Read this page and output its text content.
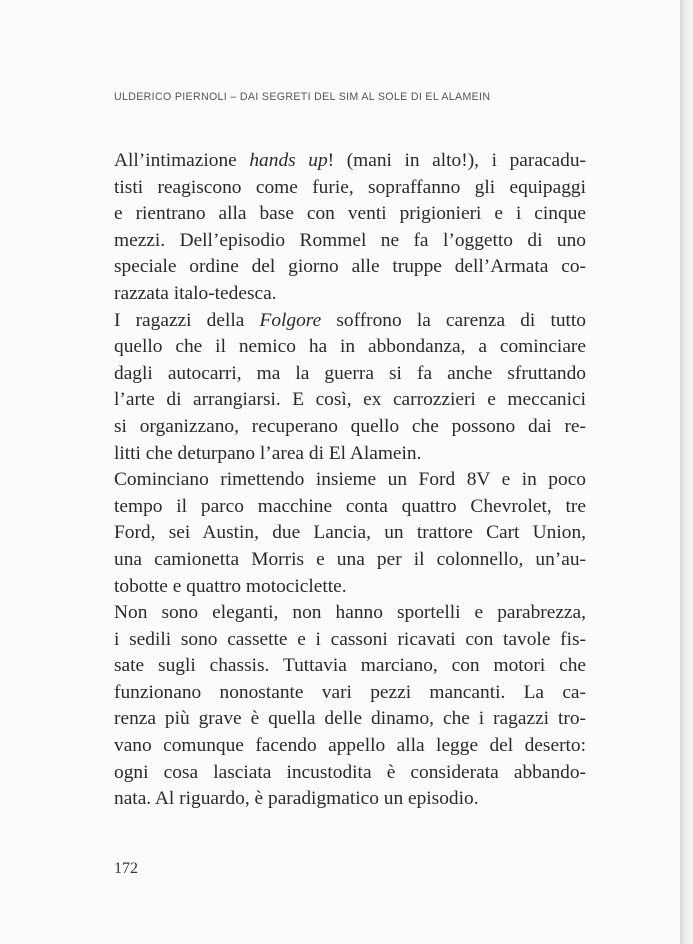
ULDERICO PIERNOLI – DAI SEGRETI DEL SIM AL SOLE DI EL ALAMEIN
All’intimazione hands up! (mani in alto!), i paracadu-
tisti reagiscono come furie, sopraffanno gli equipaggi
e rientrano alla base con venti prigionieri e i cinque
mezzi. Dell’episodio Rommel ne fa l’oggetto di uno
speciale ordine del giorno alle truppe dell’Armata co-
razzata italo-tedesca.
I ragazzi della Folgore soffrono la carenza di tutto
quello che il nemico ha in abbondanza, a cominciare
dagli autocarri, ma la guerra si fa anche sfruttando
l’arte di arrangiarsi. E così, ex carrozzieri e meccanici
si organizzano, recuperano quello che possono dai re-
litti che deturpano l’area di El Alamein.
Cominciano rimettendo insieme un Ford 8V e in poco
tempo il parco macchine conta quattro Chevrolet, tre
Ford, sei Austin, due Lancia, un trattore Cart Union,
una camionetta Morris e una per il colonnello, un’au-
tobotte e quattro motociclette.
Non sono eleganti, non hanno sportelli e parabrezza,
i sedili sono cassette e i cassoni ricavati con tavole fis-
sate sugli chassis. Tuttavia marciano, con motori che
funzionano nonostante vari pezzi mancanti. La ca-
renza più grave è quella delle dinamo, che i ragazzi tro-
vano comunque facendo appello alla legge del deserto:
ogni cosa lasciata incustodita è considerata abbando-
nata. Al riguardo, è paradigmatico un episodio.
172
